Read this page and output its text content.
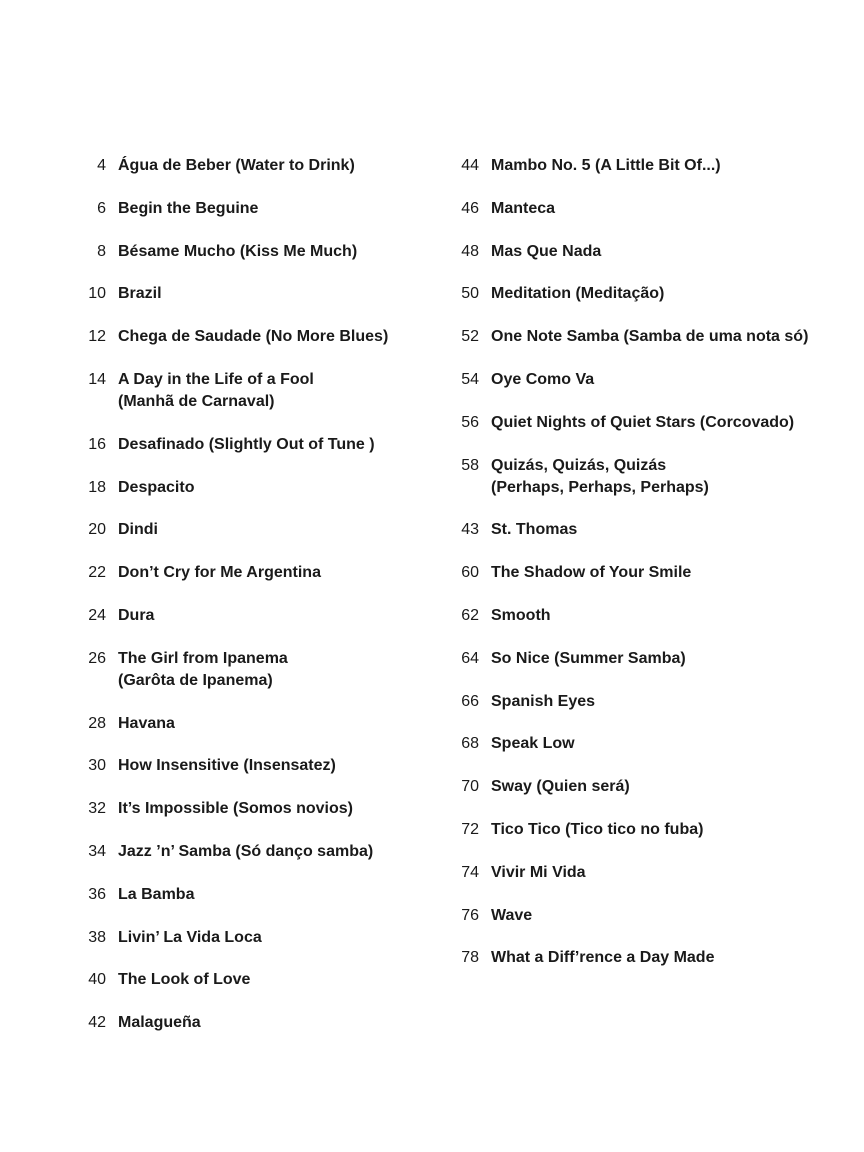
4 Água de Beber (Water to Drink)
6 Begin the Beguine
8 Bésame Mucho (Kiss Me Much)
10 Brazil
12 Chega de Saudade (No More Blues)
14 A Day in the Life of a Fool
(Manhã de Carnaval)
16 Desafinado (Slightly Out of Tune )
18 Despacito
20 Dindi
22 Don’t Cry for Me Argentina
24 Dura
26 The Girl from Ipanema
(Garôta de Ipanema)
28 Havana
30 How Insensitive (Insensatez)
32 It’s Impossible (Somos novios)
34 Jazz ’n’ Samba (Só danço samba)
36 La Bamba
38 Livin’ La Vida Loca
40 The Look of Love
42 Malagueña
44 Mambo No. 5 (A Little Bit Of...)
46 Manteca
48 Mas Que Nada
50 Meditation (Meditação)
52 One Note Samba (Samba de uma nota só)
54 Oye Como Va
56 Quiet Nights of Quiet Stars (Corcovado)
58 Quizás, Quizás, Quizás
(Perhaps, Perhaps, Perhaps)
43 St. Thomas
60 The Shadow of Your Smile
62 Smooth
64 So Nice (Summer Samba)
66 Spanish Eyes
68 Speak Low
70 Sway (Quien será)
72 Tico Tico (Tico tico no fuba)
74 Vivir Mi Vida
76 Wave
78 What a Diff’rence a Day Made
